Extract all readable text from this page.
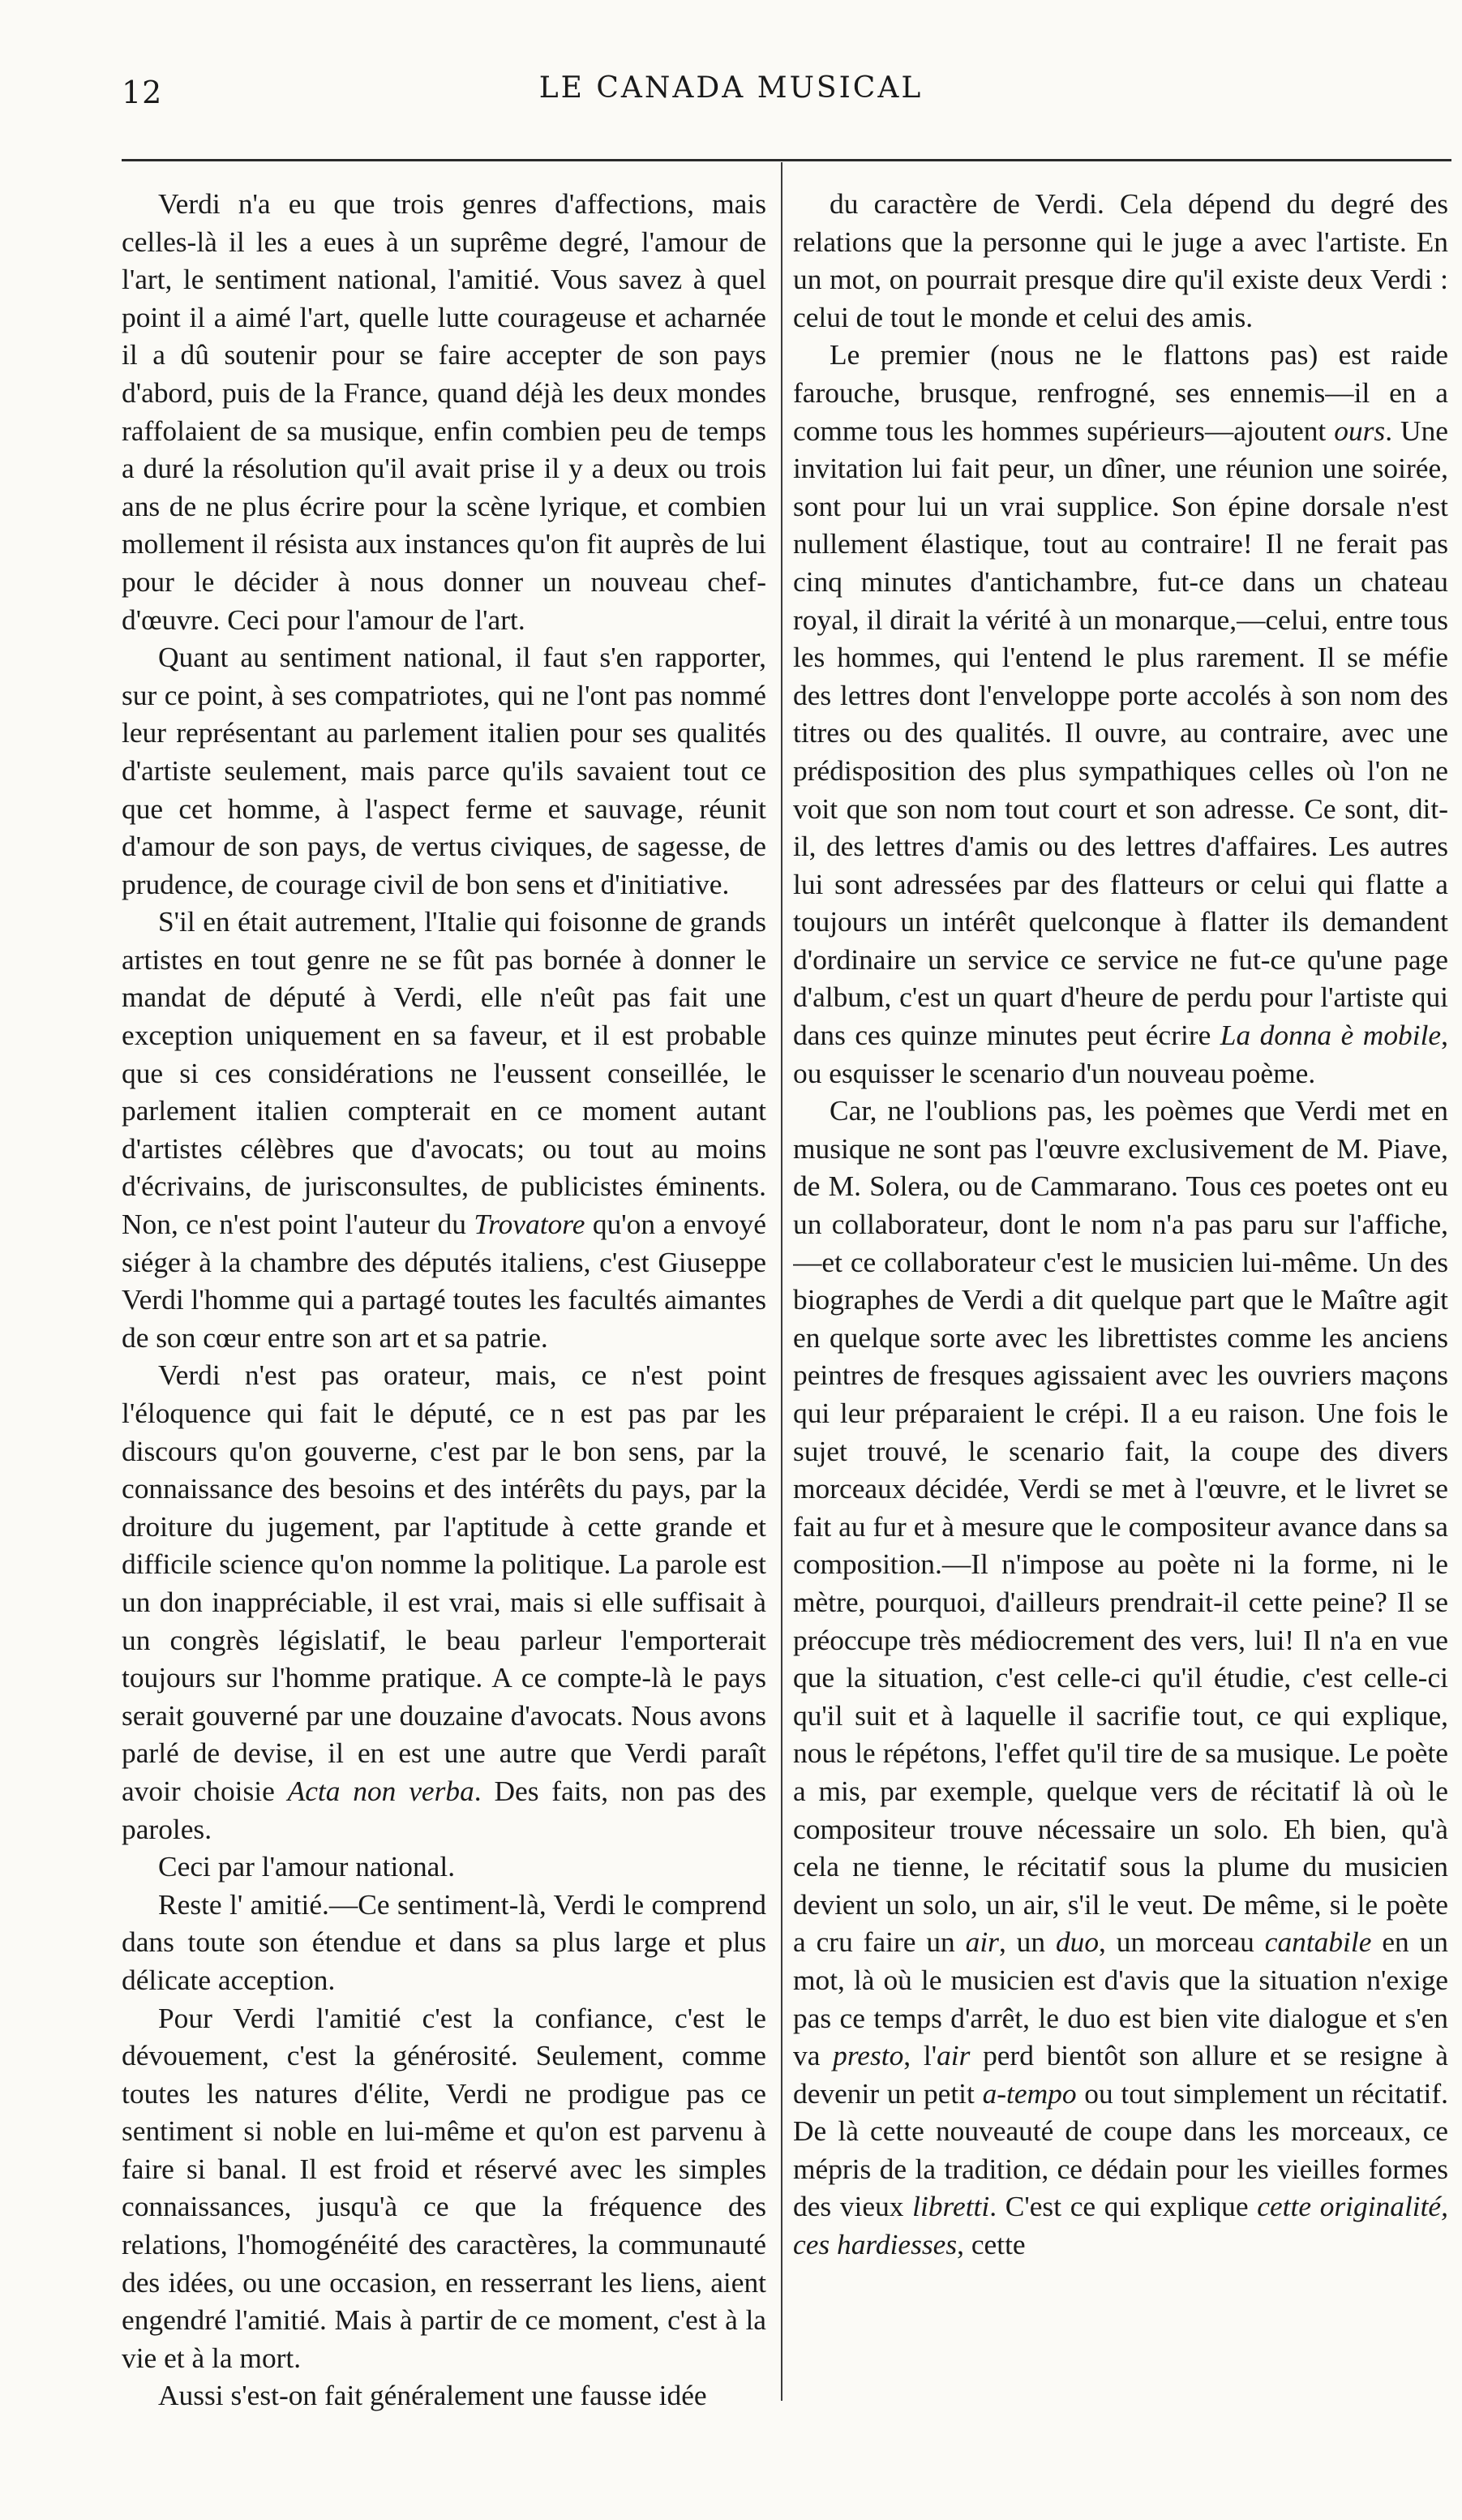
12	LE CANADA MUSICAL

Verdi n'a eu que trois genres d'affections, mais celles-là il les a eues à un suprême degré, l'amour de l'art, le sentiment national, l'amitié. Vous savez à quel point il a aimé l'art, quelle lutte courageuse et acharnée il a dû soutenir pour se faire accepter de son pays d'abord, puis de la France, quand déjà les deux mondes raffolaient de sa musique, enfin combien peu de temps a duré la résolution qu'il avait prise il y a deux ou trois ans de ne plus écrire pour la scène lyrique, et combien mollement il résista aux instances qu'on fit auprès de lui pour le décider à nous donner un nouveau chef-d'œuvre. Ceci pour l'amour de l'art.

Quant au sentiment national, il faut s'en rapporter, sur ce point, à ses compatriotes, qui ne l'ont pas nommé leur représentant au parlement italien pour ses qualités d'artiste seulement, mais parce qu'ils savaient tout ce que cet homme, à l'aspect ferme et sauvage, réunit d'amour de son pays, de vertus civiques, de sagesse, de prudence, de courage civil de bon sens et d'initiative.

S'il en était autrement, l'Italie qui foisonne de grands artistes en tout genre ne se fût pas bornée à donner le mandat de député à Verdi, elle n'eût pas fait une exception uniquement en sa faveur, et il est probable que si ces considérations ne l'eussent conseillée, le parlement italien compterait en ce moment autant d'artistes célèbres que d'avocats; ou tout au moins d'écrivains, de jurisconsultes, de publicistes éminents. Non, ce n'est point l'auteur du Trovatore qu'on a envoyé siéger à la chambre des députés italiens, c'est Giuseppe Verdi l'homme qui a partagé toutes les facultés aimantes de son cœur entre son art et sa patrie.

Verdi n'est pas orateur, mais, ce n'est point l'éloquence qui fait le député, ce n est pas par les discours qu'on gouverne, c'est par le bon sens, par la connaissance des besoins et des intérêts du pays, par la droiture du jugement, par l'aptitude à cette grande et difficile science qu'on nomme la politique. La parole est un don inappréciable, il est vrai, mais si elle suffisait à un congrès législatif, le beau parleur l'emporterait toujours sur l'homme pratique. A ce compte-là le pays serait gouverné par une douzaine d'avocats. Nous avons parlé de devise, il en est une autre que Verdi paraît avoir choisie Acta non verba. Des faits, non pas des paroles.

Ceci par l'amour national.

Reste l' amitié.—Ce sentiment-là, Verdi le comprend dans toute son étendue et dans sa plus large et plus délicate acception.

Pour Verdi l'amitié c'est la confiance, c'est le dévouement, c'est la générosité. Seulement, comme toutes les natures d'élite, Verdi ne prodigue pas ce sentiment si noble en lui-même et qu'on est parvenu à faire si banal. Il est froid et réservé avec les simples connaissances, jusqu'à ce que la fréquence des relations, l'homogénéité des caractères, la communauté des idées, ou une occasion, en resserrant les liens, aient engendré l'amitié. Mais à partir de ce moment, c'est à la vie et à la mort.

Aussi s'est-on fait généralement une fausse idée

du caractère de Verdi. Cela dépend du degré des relations que la personne qui le juge a avec l'artiste. En un mot, on pourrait presque dire qu'il existe deux Verdi : celui de tout le monde et celui des amis.

Le premier (nous ne le flattons pas) est raide farouche, brusque, renfrogné, ses ennemis—il en a comme tous les hommes supérieurs—ajoutent ours. Une invitation lui fait peur, un dîner, une réunion une soirée, sont pour lui un vrai supplice. Son épine dorsale n'est nullement élastique, tout au contraire! Il ne ferait pas cinq minutes d'antichambre, fut-ce dans un chateau royal, il dirait la vérité à un monarque,—celui, entre tous les hommes, qui l'entend le plus rarement. Il se méfie des lettres dont l'enveloppe porte accolés à son nom des titres ou des qualités. Il ouvre, au contraire, avec une prédisposition des plus sympathiques celles où l'on ne voit que son nom tout court et son adresse. Ce sont, dit-il, des lettres d'amis ou des lettres d'affaires. Les autres lui sont adressées par des flatteurs or celui qui flatte a toujours un intérêt quelconque à flatter ils demandent d'ordinaire un service ce service ne fut-ce qu'une page d'album, c'est un quart d'heure de perdu pour l'artiste qui dans ces quinze minutes peut écrire La donna è mobile, ou esquisser le scenario d'un nouveau poème.

Car, ne l'oublions pas, les poèmes que Verdi met en musique ne sont pas l'œuvre exclusivement de M. Piave, de M. Solera, ou de Cammarano. Tous ces poetes ont eu un collaborateur, dont le nom n'a pas paru sur l'affiche,—et ce collaborateur c'est le musicien lui-même. Un des biographes de Verdi a dit quelque part que le Maître agit en quelque sorte avec les librettistes comme les anciens peintres de fresques agissaient avec les ouvriers maçons qui leur préparaient le crépi. Il a eu raison. Une fois le sujet trouvé, le scenario fait, la coupe des divers morceaux décidée, Verdi se met à l'œuvre, et le livret se fait au fur et à mesure que le compositeur avance dans sa composition.—Il n'impose au poète ni la forme, ni le mètre, pourquoi, d'ailleurs prendrait-il cette peine? Il se préoccupe très médiocrement des vers, lui! Il n'a en vue que la situation, c'est celle-ci qu'il étudie, c'est celle-ci qu'il suit et à laquelle il sacrifie tout, ce qui explique, nous le répétons, l'effet qu'il tire de sa musique. Le poète a mis, par exemple, quelque vers de récitatif là où le compositeur trouve nécessaire un solo. Eh bien, qu'à cela ne tienne, le récitatif sous la plume du musicien devient un solo, un air, s'il le veut. De même, si le poète a cru faire un air, un duo, un morceau cantabile en un mot, là où le musicien est d'avis que la situation n'exige pas ce temps d'arrêt, le duo est bien vite dialogue et s'en va presto, l'air perd bientôt son allure et se resigne à devenir un petit a-tempo ou tout simplement un récitatif. De là cette nouveauté de coupe dans les morceaux, ce mépris de la tradition, ce dédain pour les vieilles formes des vieux libretti. C'est ce qui explique cette originalité, ces hardiesses, cette
